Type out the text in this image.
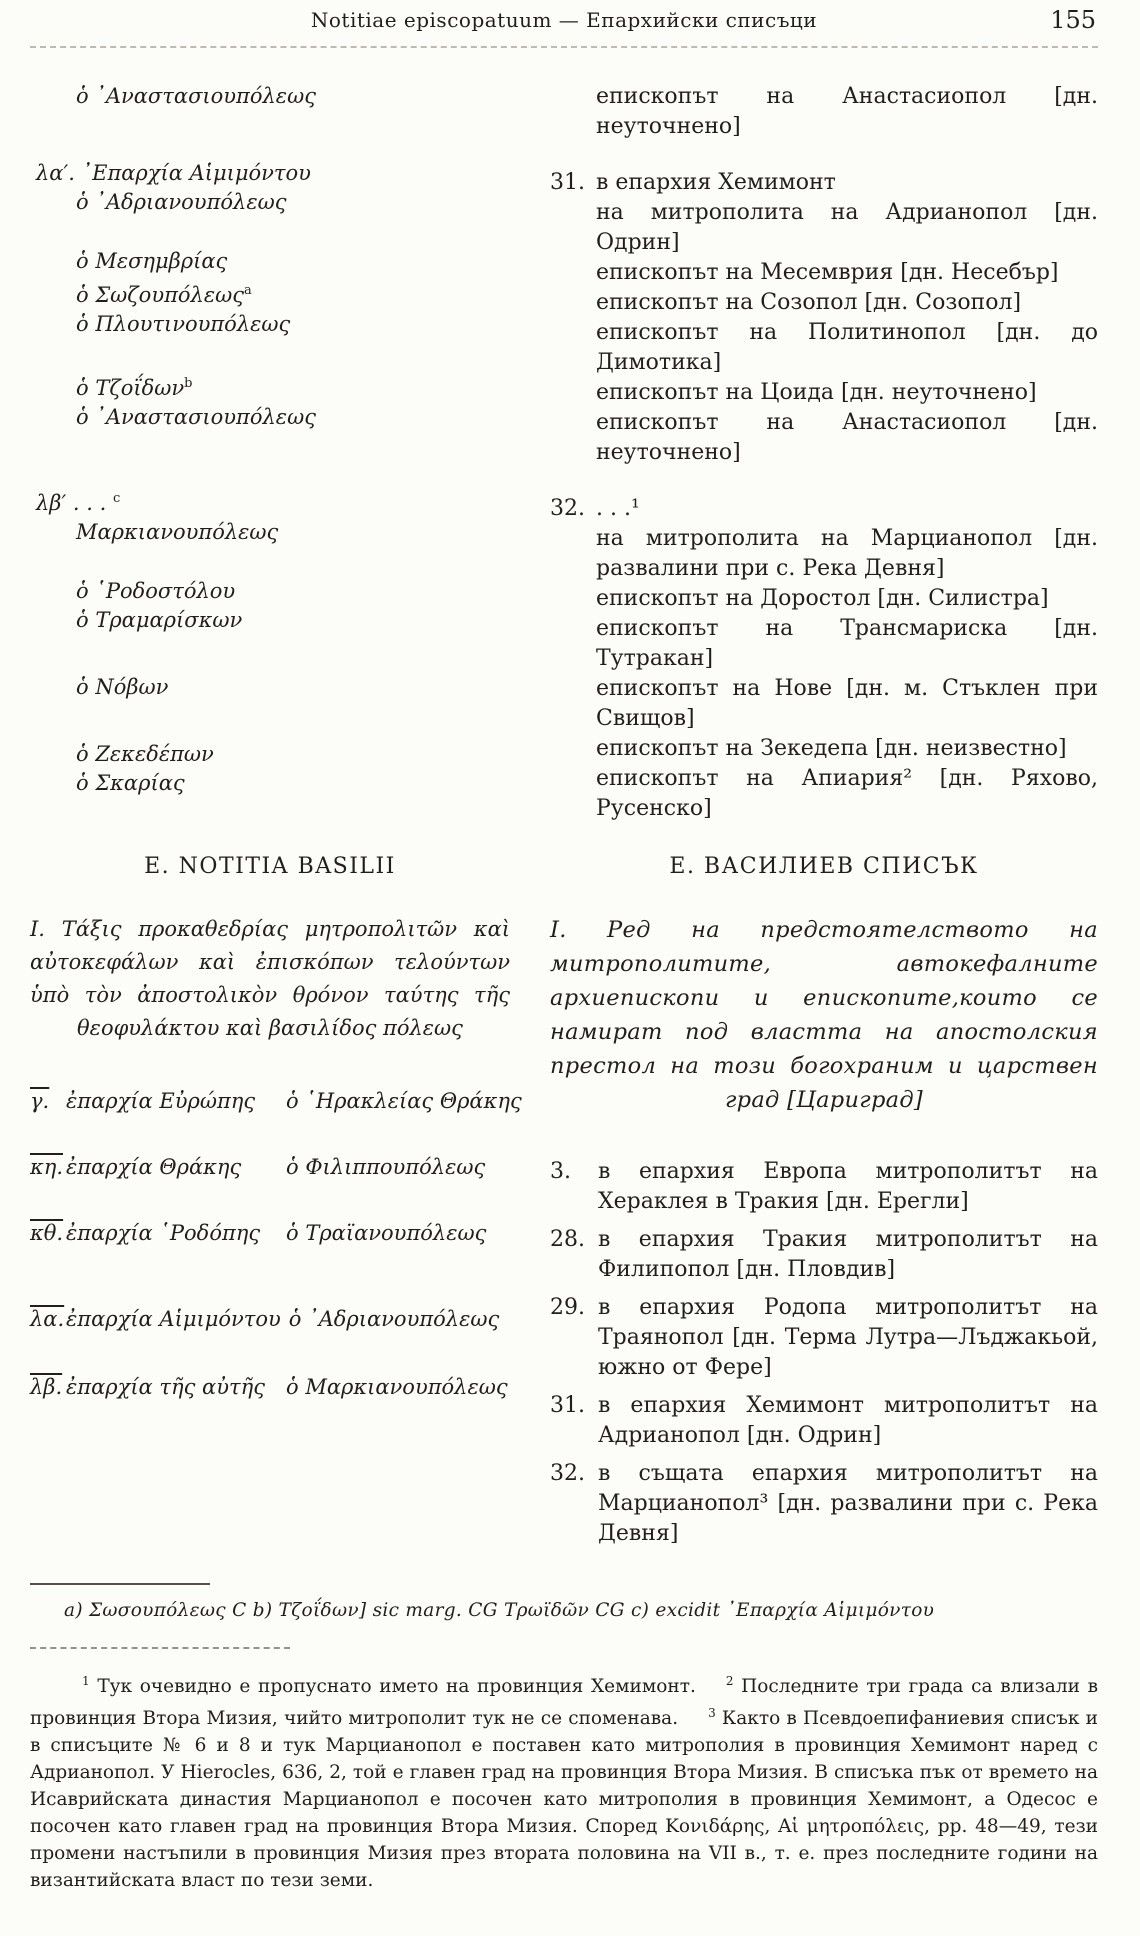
Notitiae episcopatuum — Епархийски списъци	155
ὁ ᾿Αναστασιουπόλεως
λα′. ᾿Επαρχία Αἱμιμόντου
ὁ ᾿Αδριανουπόλεως
ὁ Μεσημβρίας
ὁ Σωζουπόλεως$^a$
ὁ Πλουτινουπόλεως
ὁ Τζοΐδων$^b$
ὁ ᾿Αναστασιουπόλεως
λβ′ . . . $^c$
Μαρκιανουπόλεως
ὁ ῾Ροδοστόλου
ὁ Τραμαρίσκων
ὁ Νόβων
ὁ Ζεκεδέπων
ὁ Σκαρίας
епископът на Анастасиопол [дн. неуточнено]
31. в епархия Хемимонт
на митрополита на Адрианопол [дн. Одрин]
епископът на Месемврия [дн. Несебър]
епископът на Созопол [дн. Созопол]
епископът на Политинопол [дн. до Димотика]
епископът на Цоида [дн. неуточнено]
епископът на Анастасиопол [дн. неуточнено]
32. . . .¹
на митрополита на Марцианопол [дн. развалини при с. Река Девня]
епископът на Доростол [дн. Силистра]
епископът на Трансмариска [дн. Тутракан]
епископът на Нове [дн. м. Стъклен при Свищов]
епископът на Зекедепа [дн. неизвестно]
епископът на Апиария² [дн. Ряхово, Русенско]
E. NOTITIA BASILII
I. Τάξις προκαθεδρίας μητροπολιτῶν καὶ αὐτοκεφάλων καὶ ἐπισκόπων τελούντων ὑπὸ τὸν ἀποστολικὸν θρόνον ταύτης τῆς θεοφυλάκτου καὶ βασιλίδος πόλεως
γ. ἐπαρχία Εὐρώπης	ὁ ῾Ηρακλείας Θράκης
κη. ἐπαρχία Θράκης	ὁ Φιλιππουπόλεως
κθ. ἐπαρχία ῾Ροδόπης	ὁ Τραϊανουπόλεως
λα. ἐπαρχία Αἱμιμόντου ὁ ᾿Αδριανουπόλεως
λβ. ἐπαρχία τῆς αὐτῆς	ὁ Μαρκιανουπόλεως
Е. ВАСИЛИЕВ СПИСЪК
I. Ред на предстоятелството на митрополитите, автокефалните архиепископи и епископите,които се намират под властта на апостолския престол на този богохраним и царствен град [Цариград]
3.	в епархия Европа митрополитът на Хераклея в Тракия [дн. Ерегли]
28. в епархия Тракия митрополитът на Филипопол [дн. Пловдив]
29. в епархия Родопа митрополитът на Траянопол [дн. Терма Лутра—Лъджакьой, южно от Фере]
31. в епархия Хемимонт митрополитът на Адрианопол [дн. Одрин]
32. в същата епархия митрополитът на Марцианопол³ [дн. развалини при с. Река Девня]
a) Σωσουπόλεως C b) Τζοΐδων] sic marg. CG Τρωϊδῶν CG c) excidit ᾿Επαρχία Αἱμιμόντου

$^1$ Тук очевидно е пропуснато името на провинция Хемимонт.	$^2$ Последните три града са влизали в провинция Втора Мизия, чийто митрополит тук не се споменава.	$^3$ Както в Псевдоепифаниевия списък и в списъците № 6 и 8 и тук Марцианопол е поставен като митрополия в провинция Хемимонт наред с Адрианопол. У Hierocles, 636, 2, той е главен град на провинция Втора Мизия. В списъка пък от времето на Исаврийската династия Марцианопол е посочен като митрополия в провинция Хемимонт, а Одесос е посочен като главен град на провинция Втора Мизия. Според Κονιδάρης, Αἱ μητροπόλεις, pp. 48—49, тези промени настъпили в провинция Мизия през втората половина на VII в., т. е. през последните години на византийската власт по тези земи.
